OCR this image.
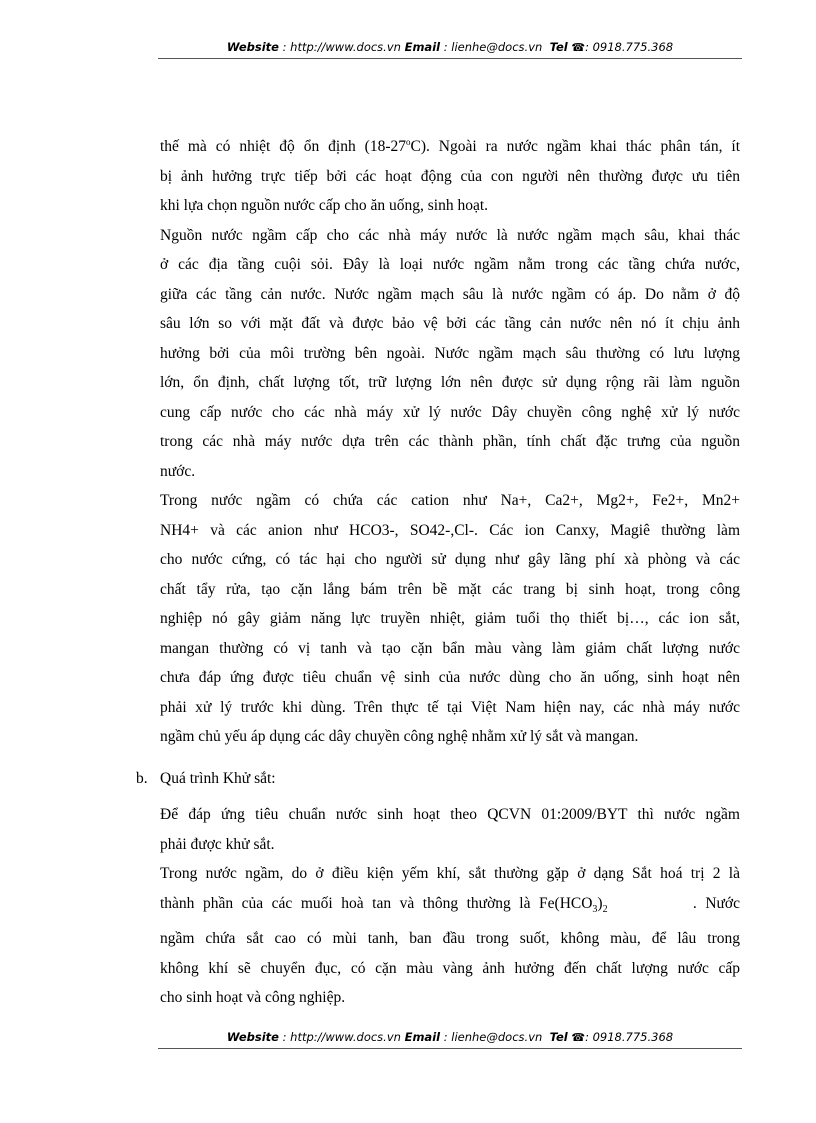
Website : http://www.docs.vn Email : lienhe@docs.vn Tel ☎: 0918.775.368

thế mà có nhiệt độ ổn định (18-27$^o$C). Ngoài ra nước ngầm khai thác phân tán, ít
bị ảnh hưởng trực tiếp bởi các hoạt động của con người nên thường được ưu tiên
khi lựa chọn nguồn nước cấp cho ăn uống, sinh hoạt.

Nguồn nước ngầm cấp cho các nhà máy nước là nước ngầm mạch sâu, khai thác
ở các địa tầng cuội sỏi. Đây là loại nước ngầm nằm trong các tầng chứa nước,
giữa các tầng cản nước. Nước ngầm mạch sâu là nước ngầm có áp. Do nằm ở độ
sâu lớn so với mặt đất và được bảo vệ bởi các tầng cản nước nên nó ít chịu ảnh
hưởng bởi của môi trường bên ngoài. Nước ngầm mạch sâu thường có lưu lượng
lớn, ổn định, chất lượng tốt, trữ lượng lớn nên được sử dụng rộng rãi làm nguồn
cung cấp nước cho các nhà máy xử lý nước Dây chuyền công nghệ xử lý nước
trong các nhà máy nước dựa trên các thành phần, tính chất đặc trưng của nguồn
nước.

Trong nước ngầm có chứa các cation như Na+, Ca2+, Mg2+, Fe2+, Mn2+
NH4+ và các anion như HCO3-, SO42-,Cl-. Các ion Canxy, Magiê thường làm
cho nước cứng, có tác hại cho người sử dụng như gây lãng phí xà phòng và các
chất tẩy rửa, tạo cặn lắng bám trên bề mặt các trang bị sinh hoạt, trong công
nghiệp nó gây giảm năng lực truyền nhiệt, giảm tuổi thọ thiết bị…, các ion sắt,
mangan thường có vị tanh và tạo cặn bẩn màu vàng làm giảm chất lượng nước
chưa đáp ứng được tiêu chuẩn vệ sinh của nước dùng cho ăn uống, sinh hoạt nên
phải xử lý trước khi dùng. Trên thực tế tại Việt Nam hiện nay, các nhà máy nước
ngầm chủ yếu áp dụng các dây chuyền công nghệ nhằm xử lý sắt và mangan.

b. Quá trình Khử sắt:

Để đáp ứng tiêu chuẩn nước sinh hoạt theo QCVN 01:2009/BYT thì nước ngầm
phải được khử sắt.

Trong nước ngầm, do ở điều kiện yếm khí, sắt thường gặp ở dạng Sắt hoá trị 2 là
thành phần của các muối hoà tan và thông thường là $Fe(HCO_3)_2$	. Nước
ngầm chứa sắt cao có mùi tanh, ban đầu trong suốt, không màu, để lâu trong
không khí sẽ chuyển đục, có cặn màu vàng ảnh hưởng đến chất lượng nước cấp
cho sinh hoạt và công nghiệp.

Website : http://www.docs.vn Email : lienhe@docs.vn Tel ☎: 0918.775.368
